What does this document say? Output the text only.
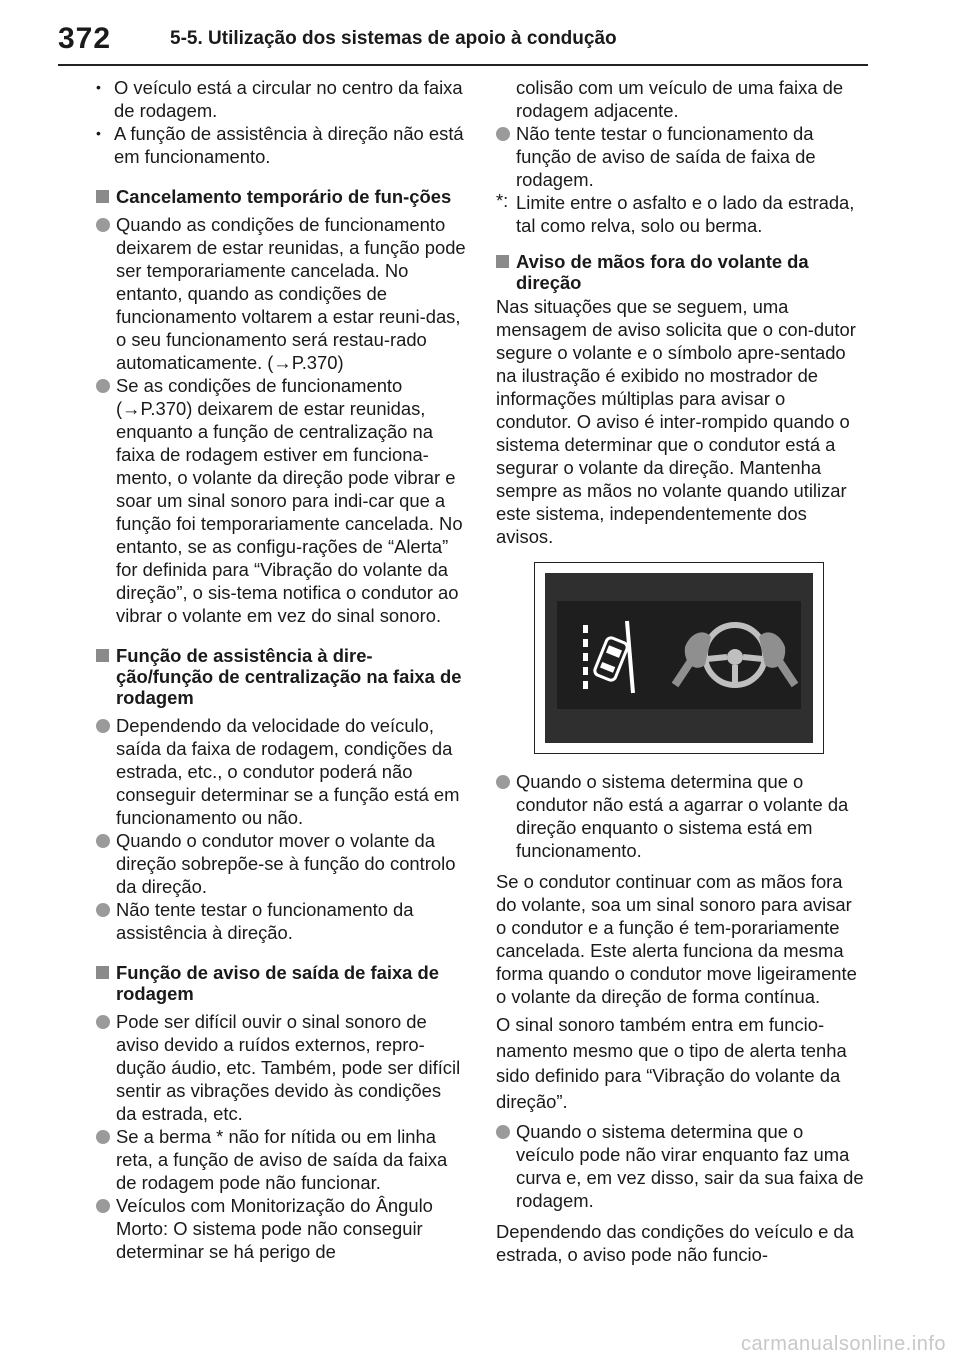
372	5-5. Utilização dos sistemas de apoio à condução
• O veículo está a circular no centro da faixa de rodagem.
• A função de assistência à direção não está em funcionamento.
Cancelamento temporário de fun-ções
Quando as condições de funcionamento deixarem de estar reunidas, a função pode ser temporariamente cancelada. No entanto, quando as condições de funcionamento voltarem a estar reuni-das, o seu funcionamento será restau-rado automaticamente. (→P.370)
Se as condições de funcionamento (→P.370) deixarem de estar reunidas, enquanto a função de centralização na faixa de rodagem estiver em funciona-mento, o volante da direção pode vibrar e soar um sinal sonoro para indi-car que a função foi temporariamente cancelada. No entanto, se as configu-rações de “Alerta” for definida para “Vibração do volante da direção”, o sis-tema notifica o condutor ao vibrar o volante em vez do sinal sonoro.
Função de assistência à dire-ção/função de centralização na faixa de rodagem
Dependendo da velocidade do veículo, saída da faixa de rodagem, condições da estrada, etc., o condutor poderá não conseguir determinar se a função está em funcionamento ou não.
Quando o condutor mover o volante da direção sobrepõe-se à função do controlo da direção.
Não tente testar o funcionamento da assistência à direção.
Função de aviso de saída de faixa de rodagem
Pode ser difícil ouvir o sinal sonoro de aviso devido a ruídos externos, repro-dução áudio, etc. Também, pode ser difícil sentir as vibrações devido às condições da estrada, etc.
Se a berma * não for nítida ou em linha reta, a função de aviso de saída da faixa de rodagem pode não funcionar.
Veículos com Monitorização do Ângulo Morto: O sistema pode não conseguir determinar se há perigo de
colisão com um veículo de uma faixa de rodagem adjacente.
Não tente testar o funcionamento da função de aviso de saída de faixa de rodagem.
*: Limite entre o asfalto e o lado da estrada, tal como relva, solo ou berma.
Aviso de mãos fora do volante da direção
Nas situações que se seguem, uma mensagem de aviso solicita que o con-dutor segure o volante e o símbolo apre-sentado na ilustração é exibido no mostrador de informações múltiplas para avisar o condutor. O aviso é inter-rompido quando o sistema determinar que o condutor está a segurar o volante da direção. Mantenha sempre as mãos no volante quando utilizar este sistema, independentemente dos avisos.
Quando o sistema determina que o condutor não está a agarrar o volante da direção enquanto o sistema está em funcionamento.
Se o condutor continuar com as mãos fora do volante, soa um sinal sonoro para avisar o condutor e a função é tem-porariamente cancelada. Este alerta funciona da mesma forma quando o condutor move ligeiramente o volante da direção de forma contínua.
O sinal sonoro também entra em funcio-namento mesmo que o tipo de alerta tenha sido definido para “Vibração do volante da direção”.
Quando o sistema determina que o veículo pode não virar enquanto faz uma curva e, em vez disso, sair da sua faixa de rodagem.
Dependendo das condições do veículo e da estrada, o aviso pode não funcio-
carmanualsonline.info
